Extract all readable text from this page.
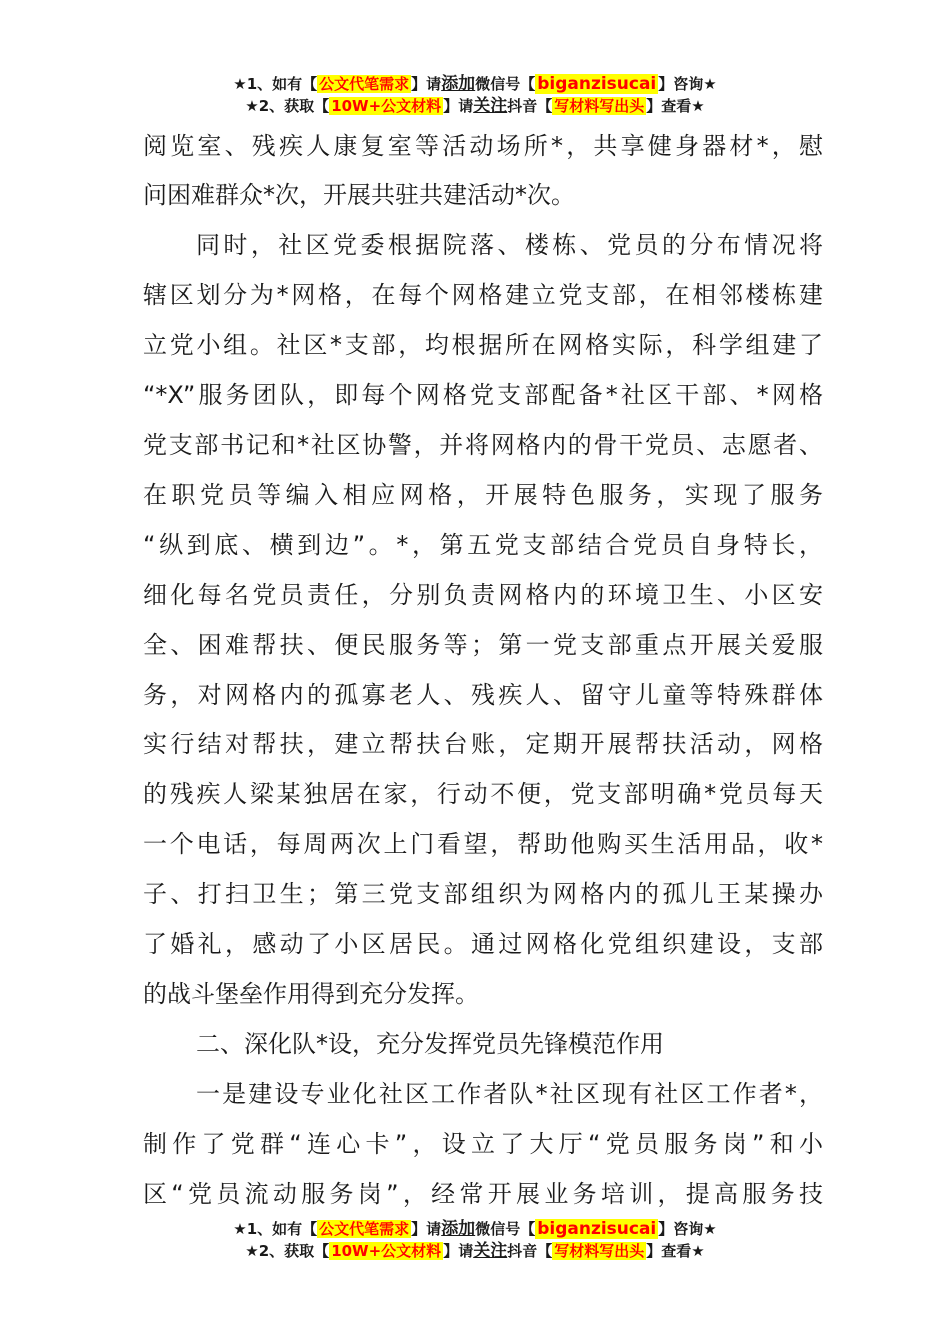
★1、如有【 公文代笔需求 】请添加微信号【 biganzisucai 】咨询★
★2、获取【 10W+公文材料 】请关注抖音【 写材料写出头 】查看★
阅览室、残疾人康复室等活动场所*，共享健身器材*，慰
问困难群众*次，开展共驻共建活动*次。
同时，社区党委根据院落、楼栋、党员的分布情况将
辖区划分为*网格，在每个网格建立党支部，在相邻楼栋建
立党小组。社区*支部，均根据所在网格实际，科学组建了
“*X”服务团队，即每个网格党支部配备*社区干部、*网格
党支部书记和*社区协警，并将网格内的骨干党员、志愿者、
在职党员等编入相应网格，开展特色服务，实现了服务
“纵到底、横到边”。*，第五党支部结合党员自身特长，
细化每名党员责任，分别负责网格内的环境卫生、小区安
全、困难帮扶、便民服务等；第一党支部重点开展关爱服
务，对网格内的孤寡老人、残疾人、留守儿童等特殊群体
实行结对帮扶，建立帮扶台账，定期开展帮扶活动，网格
的残疾人梁某独居在家，行动不便，党支部明确*党员每天
一个电话，每周两次上门看望，帮助他购买生活用品，收*
子、打扫卫生；第三党支部组织为网格内的孤儿王某操办
了婚礼，感动了小区居民。通过网格化党组织建设，支部
的战斗堡垒作用得到充分发挥。
二、深化队*设，充分发挥党员先锋模范作用
一是建设专业化社区工作者队*社区现有社区工作者*，
制作了党群“连心卡”，设立了大厅“党员服务岗”和小
区“党员流动服务岗”，经常开展业务培训，提高服务技
★1、如有【 公文代笔需求 】请添加微信号【 biganzisucai 】咨询★
★2、获取【 10W+公文材料 】请关注抖音【 写材料写出头 】查看★
